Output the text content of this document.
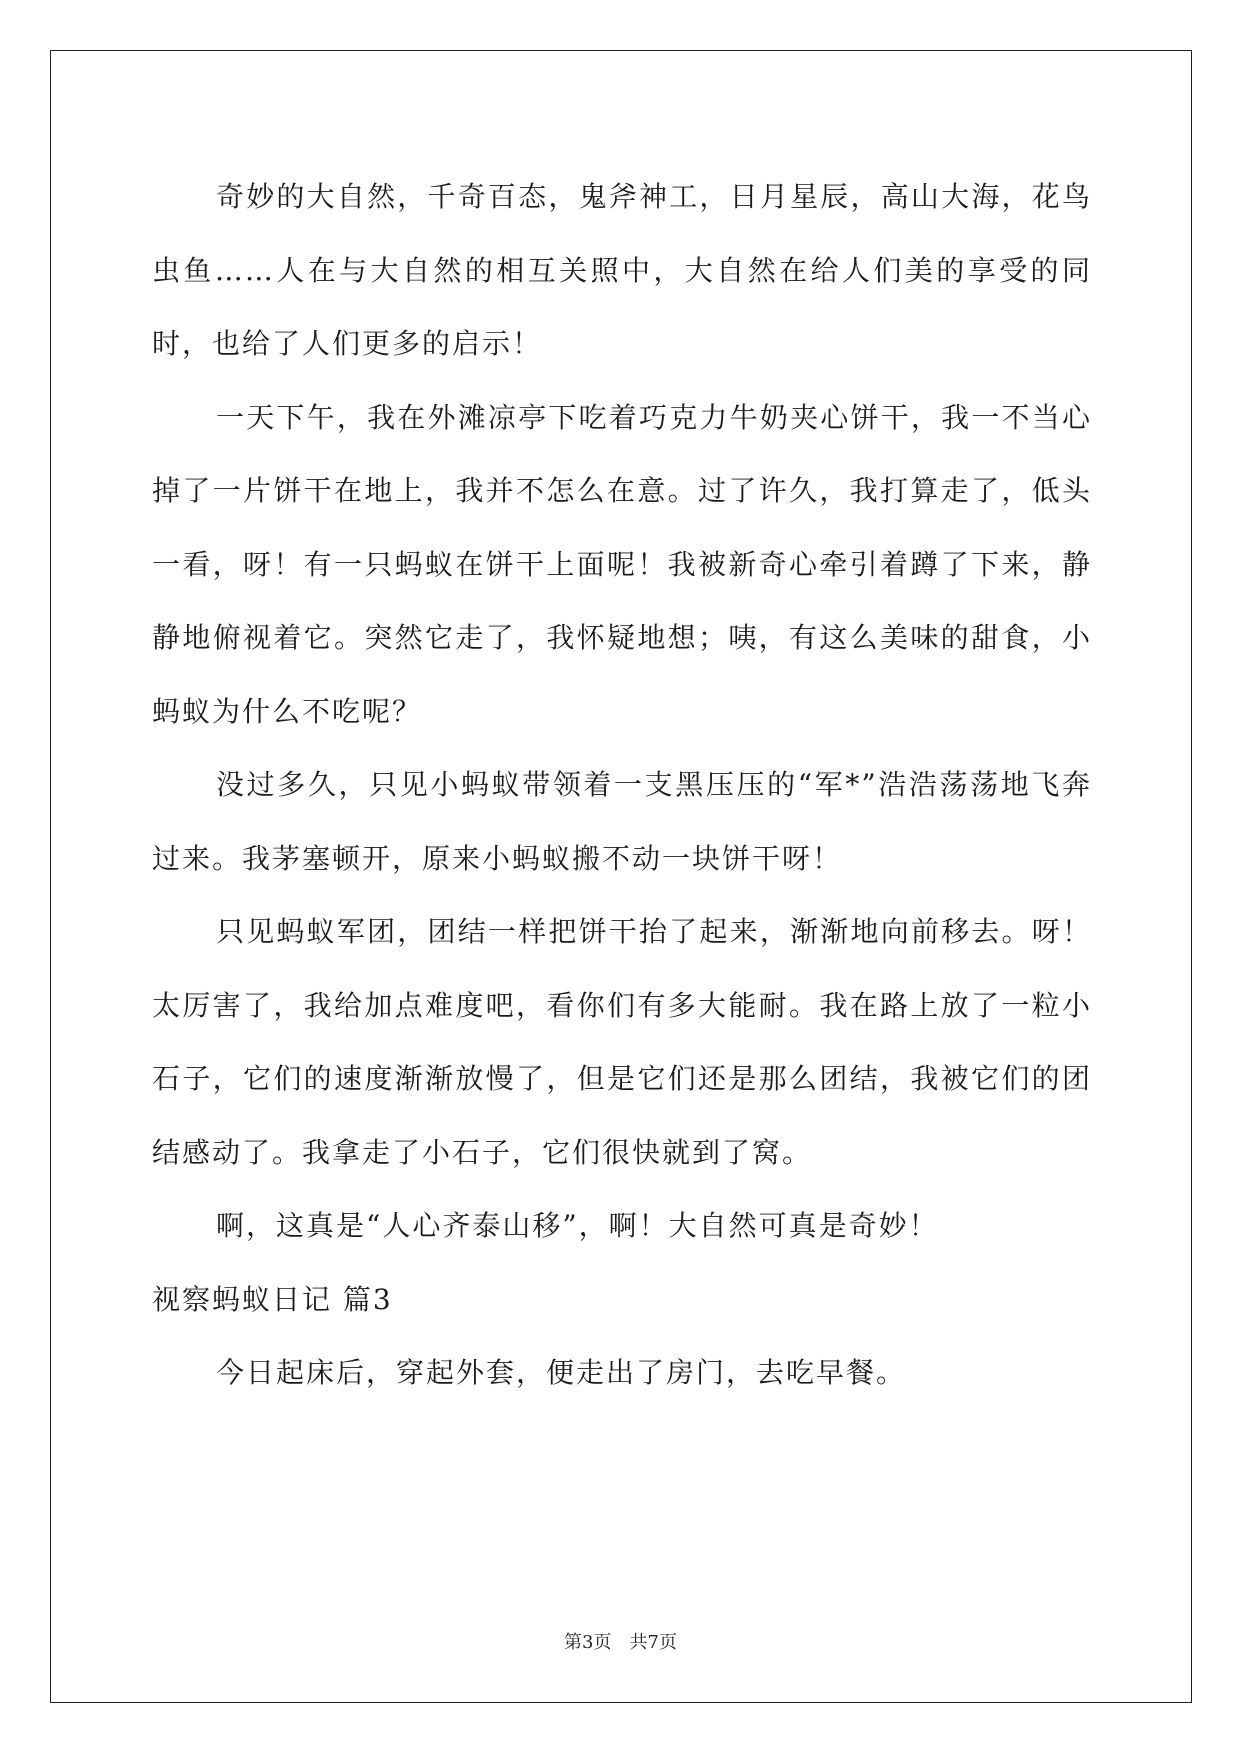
奇妙的大自然，千奇百态，鬼斧神工，日月星辰，高山大海，花鸟虫鱼……人在与大自然的相互关照中，大自然在给人们美的享受的同时，也给了人们更多的启示！

一天下午，我在外滩凉亭下吃着巧克力牛奶夹心饼干，我一不当心掉了一片饼干在地上，我并不怎么在意。过了许久，我打算走了，低头一看，呀！有一只蚂蚁在饼干上面呢！我被新奇心牵引着蹲了下来，静静地俯视着它。突然它走了，我怀疑地想；咦，有这么美味的甜食，小蚂蚁为什么不吃呢？

没过多久，只见小蚂蚁带领着一支黑压压的“军*”浩浩荡荡地飞奔过来。我茅塞顿开，原来小蚂蚁搬不动一块饼干呀！

只见蚂蚁军团，团结一样把饼干抬了起来，渐渐地向前移去。呀！太厉害了，我给加点难度吧，看你们有多大能耐。我在路上放了一粒小石子，它们的速度渐渐放慢了，但是它们还是那么团结，我被它们的团结感动了。我拿走了小石子，它们很快就到了窝。

啊，这真是“人心齐泰山移”，啊！大自然可真是奇妙！

视察蚂蚁日记 篇3

今日起床后，穿起外套，便走出了房门，去吃早餐。

第3页　共7页
